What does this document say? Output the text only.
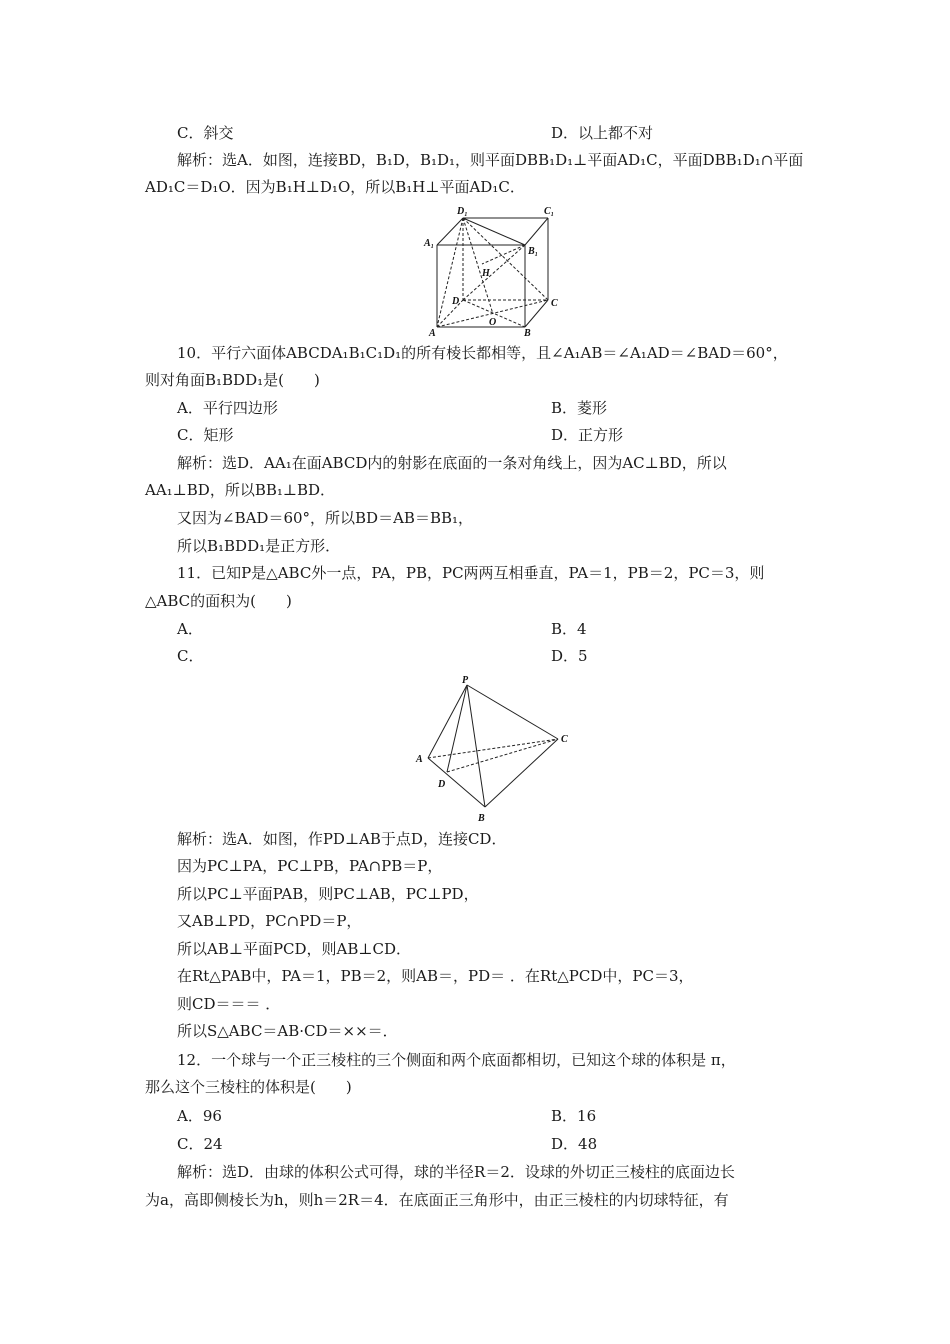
C．斜交	D．以上都不对
解析：选A．如图，连接BD，B₁D，B₁D₁，则平面DBB₁D₁⊥平面AD₁C，平面DBB₁D₁∩平面
AD₁C＝D₁O．因为B₁H⊥D₁O，所以B₁H⊥平面AD₁C．
10．平行六面体ABCDA₁B₁C₁D₁的所有棱长都相等，且∠A₁AB＝∠A₁AD＝∠BAD＝60°，
则对角面B₁BDD₁是(　　)
A．平行四边形	B．菱形
C．矩形	D．正方形
解析：选D．AA₁在面ABCD内的射影在底面的一条对角线上，因为AC⊥BD，所以
AA₁⊥BD，所以BB₁⊥BD．
又因为∠BAD＝60°，所以BD＝AB＝BB₁，
所以B₁BDD₁是正方形．
11．已知P是△ABC外一点，PA，PB，PC两两互相垂直，PA＝1，PB＝2，PC＝3，则
△ABC的面积为(　　)
A．	B．4
C．	D．5
解析：选A．如图，作PD⊥AB于点D，连接CD．
因为PC⊥PA，PC⊥PB，PA∩PB＝P，
所以PC⊥平面PAB，则PC⊥AB，PC⊥PD，
又AB⊥PD，PC∩PD＝P，
所以AB⊥平面PCD，则AB⊥CD．
在Rt△PAB中，PA＝1，PB＝2，则AB＝，PD＝ ．在Rt△PCD中，PC＝3，
则CD＝＝＝ ．
所以S△ABC＝AB·CD＝××＝．
12．一个球与一个正三棱柱的三个侧面和两个底面都相切，已知这个球的体积是 π，
那么这个三棱柱的体积是(　　)
A．96	B．16
C．24	D．48
解析：选D．由球的体积公式可得，球的半径R＝2．设球的外切正三棱柱的底面边长
为a，高即侧棱长为h，则h＝2R＝4．在底面正三角形中，由正三棱柱的内切球特征，有
D₁	C₁
A₁
B₁
H
D	C
A
O
B
P
C
A
D
B
